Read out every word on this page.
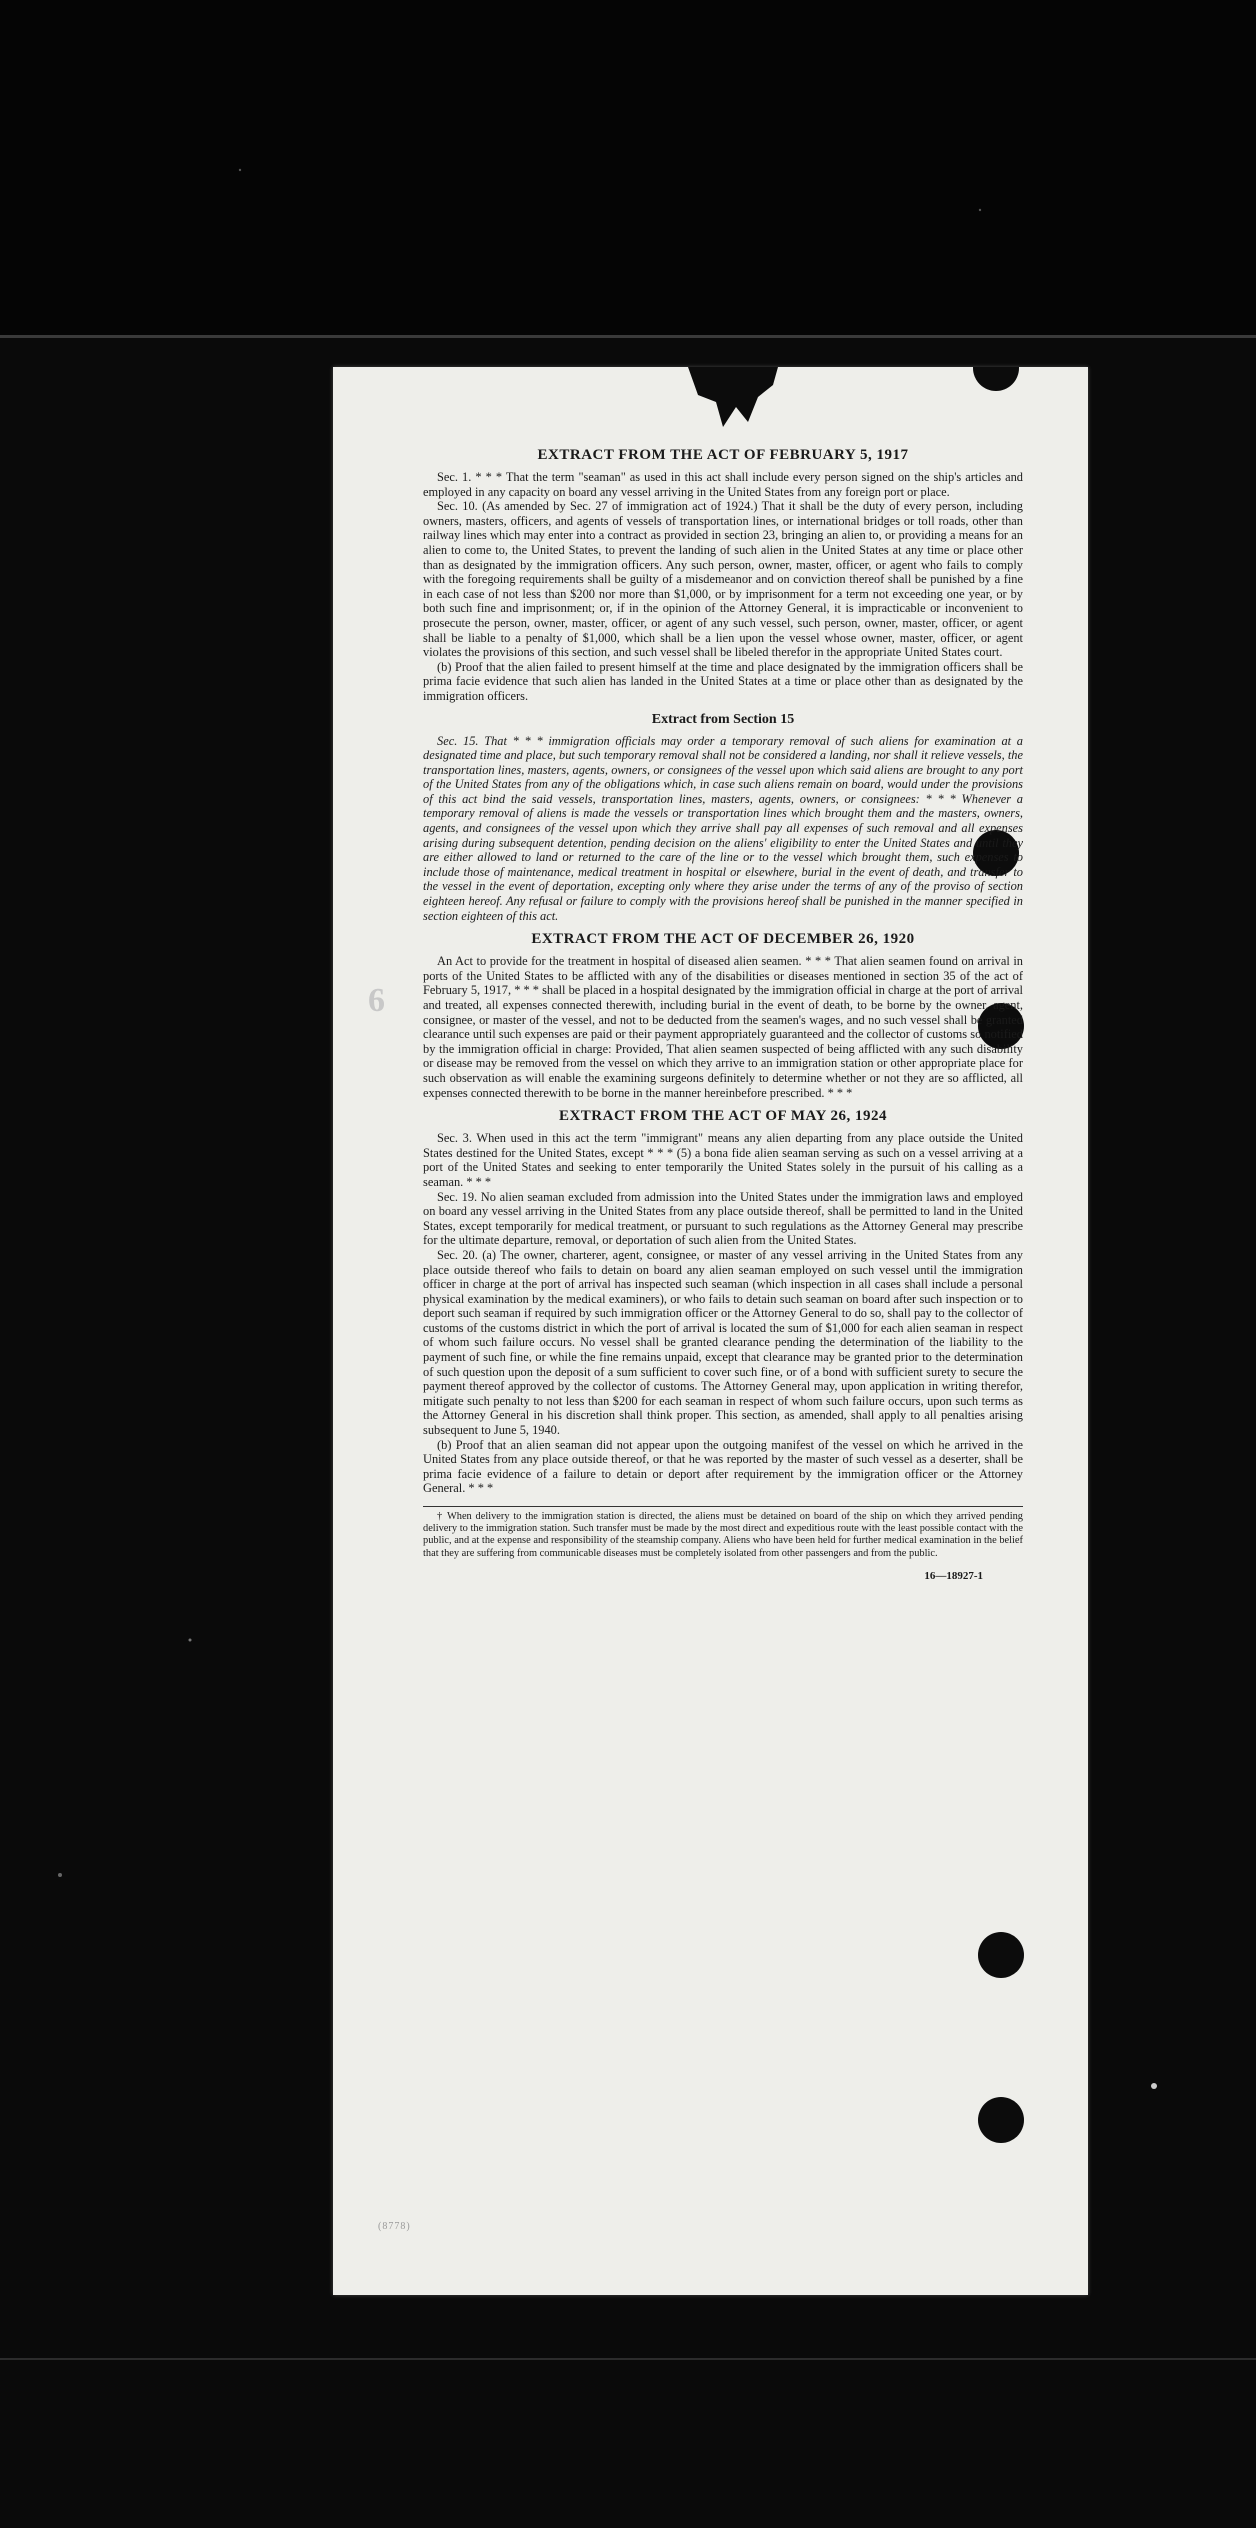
6
EXTRACT FROM THE ACT OF FEBRUARY 5, 1917

Sec. 1. * * * That the term "seaman" as used in this act shall include every person signed on the ship's articles and employed in any capacity on board any vessel arriving in the United States from any foreign port or place.

Sec. 10. (As amended by Sec. 27 of immigration act of 1924.) That it shall be the duty of every person, including owners, masters, officers, and agents of vessels of transportation lines, or international bridges or toll roads, other than railway lines which may enter into a contract as provided in section 23, bringing an alien to, or providing a means for an alien to come to, the United States, to prevent the landing of such alien in the United States at any time or place other than as designated by the immigration officers. Any such person, owner, master, officer, or agent who fails to comply with the foregoing requirements shall be guilty of a misdemeanor and on conviction thereof shall be punished by a fine in each case of not less than $200 nor more than $1,000, or by imprisonment for a term not exceeding one year, or by both such fine and imprisonment; or, if in the opinion of the Attorney General, it is impracticable or inconvenient to prosecute the person, owner, master, officer, or agent of any such vessel, such person, owner, master, officer, or agent shall be liable to a penalty of $1,000, which shall be a lien upon the vessel whose owner, master, officer, or agent violates the provisions of this section, and such vessel shall be libeled therefor in the appropriate United States court.

(b) Proof that the alien failed to present himself at the time and place designated by the immigration officers shall be prima facie evidence that such alien has landed in the United States at a time or place other than as designated by the immigration officers.

Extract from Section 15

Sec. 15. That * * * immigration officials may order a temporary removal of such aliens for examination at a designated time and place, but such temporary removal shall not be considered a landing, nor shall it relieve vessels, the transportation lines, masters, agents, owners, or consignees of the vessel upon which said aliens are brought to any port of the United States from any of the obligations which, in case such aliens remain on board, would under the provisions of this act bind the said vessels, transportation lines, masters, agents, owners, or consignees: * * * Whenever a temporary removal of aliens is made the vessels or transportation lines which brought them and the masters, owners, agents, and consignees of the vessel upon which they arrive shall pay all expenses of such removal and all expenses arising during subsequent detention, pending decision on the aliens' eligibility to enter the United States and until they are either allowed to land or returned to the care of the line or to the vessel which brought them, such expenses to include those of maintenance, medical treatment in hospital or elsewhere, burial in the event of death, and transfer to the vessel in the event of deportation, excepting only where they arise under the terms of any of the proviso of section eighteen hereof. Any refusal or failure to comply with the provisions hereof shall be punished in the manner specified in section eighteen of this act.

EXTRACT FROM THE ACT OF DECEMBER 26, 1920

An Act to provide for the treatment in hospital of diseased alien seamen. * * * That alien seamen found on arrival in ports of the United States to be afflicted with any of the disabilities or diseases mentioned in section 35 of the act of February 5, 1917, * * * shall be placed in a hospital designated by the immigration official in charge at the port of arrival and treated, all expenses connected therewith, including burial in the event of death, to be borne by the owner, agent, consignee, or master of the vessel, and not to be deducted from the seamen's wages, and no such vessel shall be granted clearance until such expenses are paid or their payment appropriately guaranteed and the collector of customs so notified by the immigration official in charge: Provided, That alien seamen suspected of being afflicted with any such disability or disease may be removed from the vessel on which they arrive to an immigration station or other appropriate place for such observation as will enable the examining surgeons definitely to determine whether or not they are so afflicted, all expenses connected therewith to be borne in the manner hereinbefore prescribed. * * *

EXTRACT FROM THE ACT OF MAY 26, 1924

Sec. 3. When used in this act the term "immigrant" means any alien departing from any place outside the United States destined for the United States, except * * * (5) a bona fide alien seaman serving as such on a vessel arriving at a port of the United States and seeking to enter temporarily the United States solely in the pursuit of his calling as a seaman. * * *

Sec. 19. No alien seaman excluded from admission into the United States under the immigration laws and employed on board any vessel arriving in the United States from any place outside thereof, shall be permitted to land in the United States, except temporarily for medical treatment, or pursuant to such regulations as the Attorney General may prescribe for the ultimate departure, removal, or deportation of such alien from the United States.

Sec. 20. (a) The owner, charterer, agent, consignee, or master of any vessel arriving in the United States from any place outside thereof who fails to detain on board any alien seaman employed on such vessel until the immigration officer in charge at the port of arrival has inspected such seaman (which inspection in all cases shall include a personal physical examination by the medical examiners), or who fails to detain such seaman on board after such inspection or to deport such seaman if required by such immigration officer or the Attorney General to do so, shall pay to the collector of customs of the customs district in which the port of arrival is located the sum of $1,000 for each alien seaman in respect of whom such failure occurs. No vessel shall be granted clearance pending the determination of the liability to the payment of such fine, or while the fine remains unpaid, except that clearance may be granted prior to the determination of such question upon the deposit of a sum sufficient to cover such fine, or of a bond with sufficient surety to secure the payment thereof approved by the collector of customs. The Attorney General may, upon application in writing therefor, mitigate such penalty to not less than $200 for each seaman in respect of whom such failure occurs, upon such terms as the Attorney General in his discretion shall think proper. This section, as amended, shall apply to all penalties arising subsequent to June 5, 1940.

(b) Proof that an alien seaman did not appear upon the outgoing manifest of the vessel on which he arrived in the United States from any place outside thereof, or that he was reported by the master of such vessel as a deserter, shall be prima facie evidence of a failure to detain or deport after requirement by the immigration officer or the Attorney General. * * *

† When delivery to the immigration station is directed, the aliens must be detained on board of the ship on which they arrived pending delivery to the immigration station. Such transfer must be made by the most direct and expeditious route with the least possible contact with the public, and at the expense and responsibility of the steamship company. Aliens who have been held for further medical examination in the belief that they are suffering from communicable diseases must be completely isolated from other passengers and from the public.

16—18927-1
(8778)
